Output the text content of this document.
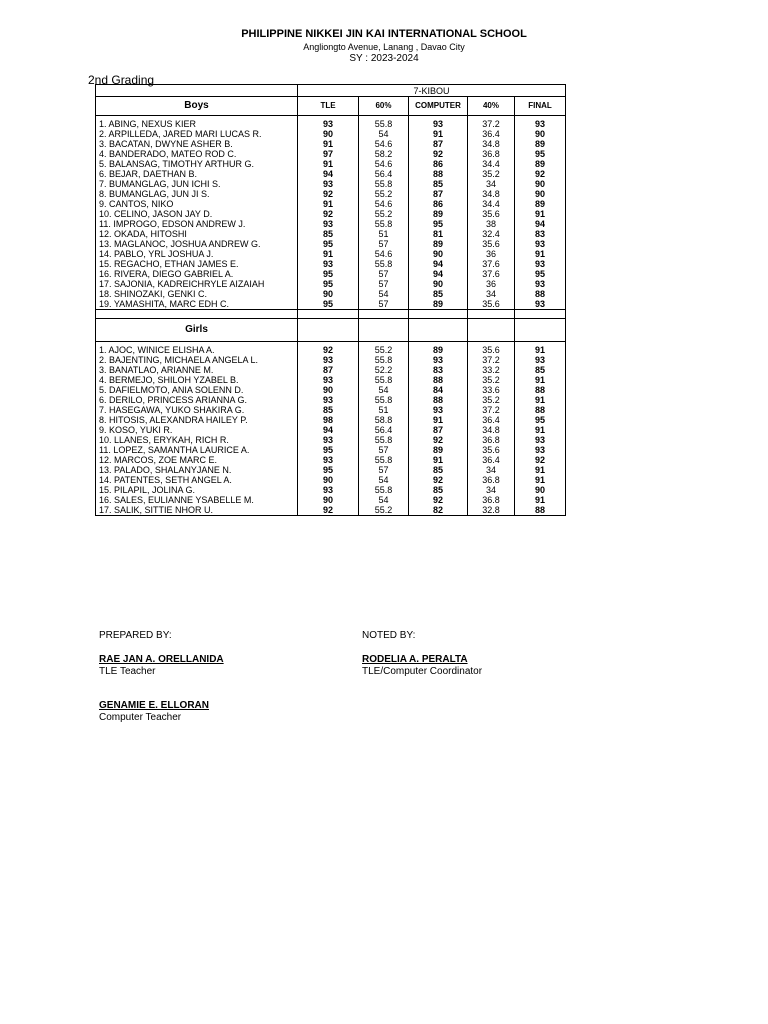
PHILIPPINE NIKKEI JIN KAI INTERNATIONAL SCHOOL
Angliongto Avenue, Lanang , Davao City
SY : 2023-2024
2nd Grading
	7-KIBOU				
Boys	TLE	60%	COMPUTER	40%	FINAL

1. ABING, NEXUS KIER	93	55.8	93	37.2	93
2. ARPILLEDA, JARED MARI LUCAS R.	90	54	91	36.4	90
3. BACATAN, DWYNE ASHER B.	91	54.6	87	34.8	89
4. BANDERADO, MATEO ROD C.	97	58.2	92	36.8	95
5. BALANSAG, TIMOTHY ARTHUR G.	91	54.6	86	34.4	89
6. BEJAR, DAETHAN B.	94	56.4	88	35.2	92
7. BUMANGLAG, JUN ICHI S.	93	55.8	85	34	90
8. BUMANGLAG, JUN JI S.	92	55.2	87	34.8	90
9. CANTOS, NIKO	91	54.6	86	34.4	89
10. CELINO, JASON JAY D.	92	55.2	89	35.6	91
11. IMPROGO, EDSON ANDREW J.	93	55.8	95	38	94
12. OKADA, HITOSHI	85	51	81	32.4	83
13. MAGLANOC, JOSHUA ANDREW G.	95	57	89	35.6	93
14. PABLO, YRL JOSHUA J.	91	54.6	90	36	91
15. REGACHO, ETHAN JAMES E.	93	55.8	94	37.6	93
16. RIVERA, DIEGO GABRIEL A.	95	57	94	37.6	95
17. SAJONIA, KADREICHRYLE AIZAIAH	95	57	90	36	93
18. SHINOZAKI, GENKI C.	90	54	85	34	88
19. YAMASHITA, MARC EDH C.	95	57	89	35.6	93

Girls					

1. AJOC, WINICE ELISHA A.	92	55.2	89	35.6	91
2. BAJENTING, MICHAELA ANGELA L.	93	55.8	93	37.2	93
3. BANATLAO, ARIANNE M.	87	52.2	83	33.2	85
4. BERMEJO, SHILOH YZABEL B.	93	55.8	88	35.2	91
5. DAFIELMOTO, ANIA SOLENN D.	90	54	84	33.6	88
6. DERILO, PRINCESS ARIANNA G.	93	55.8	88	35.2	91
7. HASEGAWA, YUKO SHAKIRA G.	85	51	93	37.2	88
8. HITOSIS, ALEXANDRA HAILEY P.	98	58.8	91	36.4	95
9. KOSO, YUKI R.	94	56.4	87	34.8	91
10. LLANES, ERYKAH, RICH R.	93	55.8	92	36.8	93
11. LOPEZ, SAMANTHA LAURICE A.	95	57	89	35.6	93
12. MARCOS, ZOE MARC E.	93	55.8	91	36.4	92
13. PALADO, SHALANYJANE N.	95	57	85	34	91
14. PATENTES, SETH ANGEL A.	90	54	92	36.8	91
15. PILAPIL, JOLINA G.	93	55.8	85	34	90
16. SALES, EULIANNE YSABELLE M.	90	54	92	36.8	91
17. SALIK, SITTIE NHOR U.	92	55.2	82	32.8	88
PREPARED BY:	NOTED BY:
RAE JAN A. ORELLANIDA
TLE Teacher
RODELIA A. PERALTA
TLE/Computer Coordinator
GENAMIE E. ELLORAN
Computer Teacher
